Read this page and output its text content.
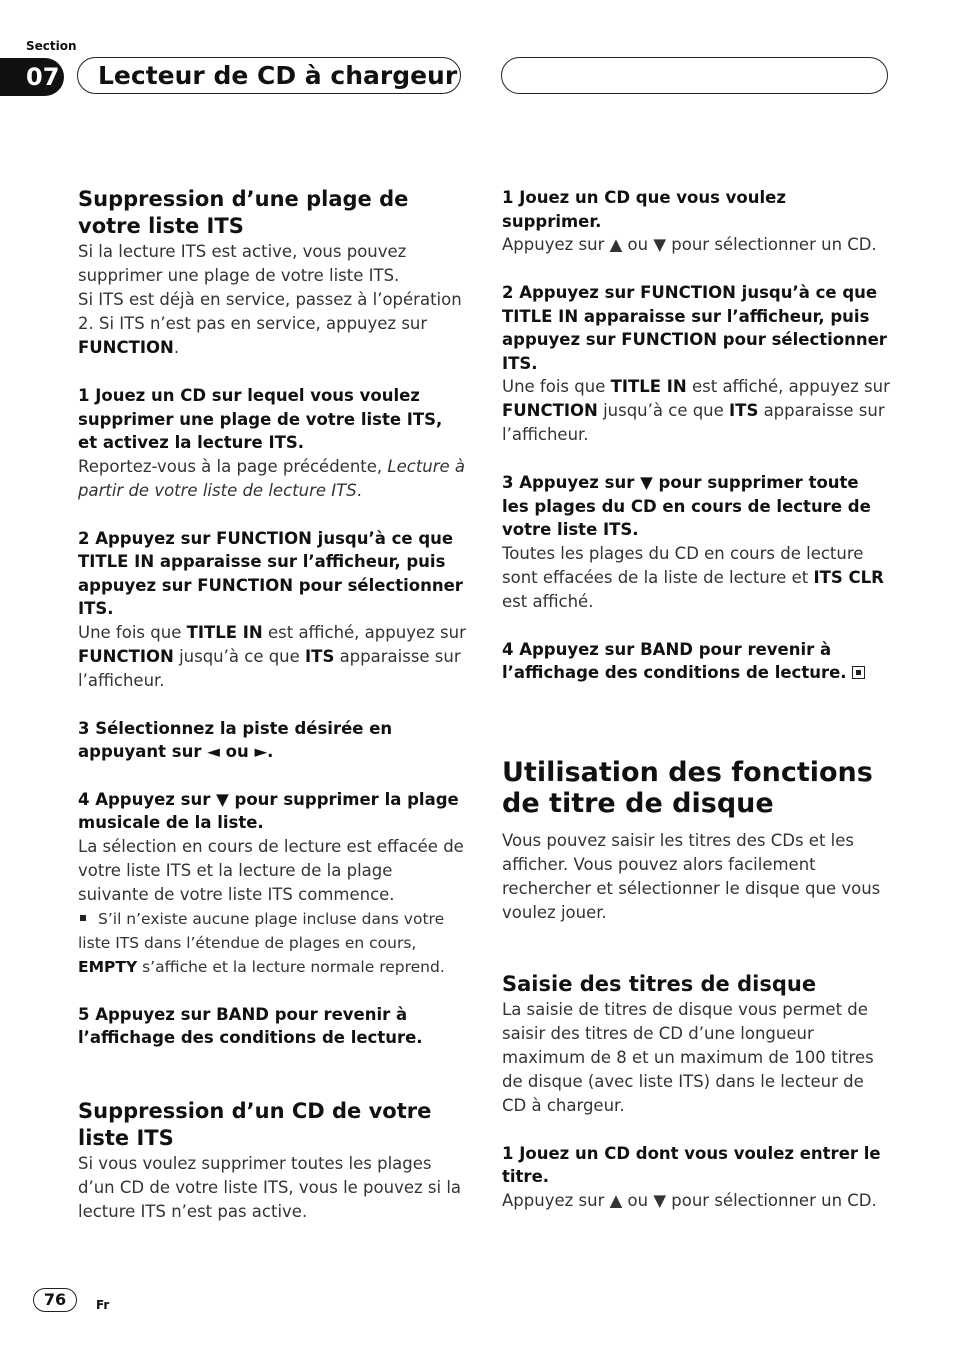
Section
07	Lecteur de CD à chargeur
Suppression d’une plage de votre liste ITS

Si la lecture ITS est active, vous pouvez supprimer une plage de votre liste ITS.

Si ITS est déjà en service, passez à l’opération 2. Si ITS n’est pas en service, appuyez sur FUNCTION.

1 Jouez un CD sur lequel vous voulez supprimer une plage de votre liste ITS, et activez la lecture ITS.

Reportez-vous à la page précédente, Lecture à partir de votre liste de lecture ITS.

2 Appuyez sur FUNCTION jusqu’à ce que TITLE IN apparaisse sur l’afficheur, puis appuyez sur FUNCTION pour sélectionner ITS.

Une fois que TITLE IN est affiché, appuyez sur FUNCTION jusqu’à ce que ITS apparaisse sur l’afficheur.

3 Sélectionnez la piste désirée en appuyant sur ◄ ou ►.

4 Appuyez sur ▼ pour supprimer la plage musicale de la liste.

La sélection en cours de lecture est effacée de votre liste ITS et la lecture de la plage suivante de votre liste ITS commence.

S’il n’existe aucune plage incluse dans votre liste ITS dans l’étendue de plages en cours, EMPTY s’affiche et la lecture normale reprend.

5 Appuyez sur BAND pour revenir à l’affichage des conditions de lecture.

Suppression d’un CD de votre liste ITS

Si vous voulez supprimer toutes les plages d’un CD de votre liste ITS, vous le pouvez si la lecture ITS n’est pas active.

1 Jouez un CD que vous voulez supprimer.

Appuyez sur ▲ ou ▼ pour sélectionner un CD.

2 Appuyez sur FUNCTION jusqu’à ce que TITLE IN apparaisse sur l’afficheur, puis appuyez sur FUNCTION pour sélectionner ITS.

Une fois que TITLE IN est affiché, appuyez sur FUNCTION jusqu’à ce que ITS apparaisse sur l’afficheur.

3 Appuyez sur ▼ pour supprimer toute les plages du CD en cours de lecture de votre liste ITS.

Toutes les plages du CD en cours de lecture sont effacées de la liste de lecture et ITS CLR est affiché.

4 Appuyez sur BAND pour revenir à l’affichage des conditions de lecture.

Utilisation des fonctions de titre de disque

Vous pouvez saisir les titres des CDs et les afficher. Vous pouvez alors facilement rechercher et sélectionner le disque que vous voulez jouer.

Saisie des titres de disque

La saisie de titres de disque vous permet de saisir des titres de CD d’une longueur maximum de 8 et un maximum de 100 titres de disque (avec liste ITS) dans le lecteur de CD à chargeur.

1 Jouez un CD dont vous voulez entrer le titre.

Appuyez sur ▲ ou ▼ pour sélectionner un CD.

76	Fr
